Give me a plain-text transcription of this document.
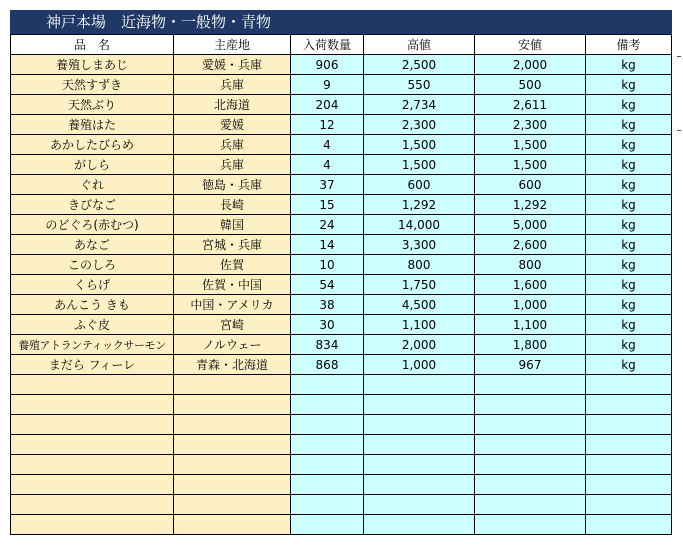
神戸本場　近海物・一般物・青物
品　名	主産地	入荷数量	高値	安値	備考
養殖しまあじ	愛媛・兵庫	906	2,500	2,000	kg
天然すずき	兵庫	9	550	500	kg
天然ぶり	北海道	204	2,734	2,611	kg
養殖はた	愛媛	12	2,300	2,300	kg
あかしたびらめ	兵庫	4	1,500	1,500	kg
がしら	兵庫	4	1,500	1,500	kg
ぐれ	徳島・兵庫	37	600	600	kg
きびなご	長崎	15	1,292	1,292	kg
のどぐろ(赤むつ)	韓国	24	14,000	5,000	kg
あなご	宮城・兵庫	14	3,300	2,600	kg
このしろ	佐賀	10	800	800	kg
くらげ	佐賀・中国	54	1,750	1,600	kg
あんこう きも	中国・アメリカ	38	4,500	1,000	kg
ふぐ皮	宮崎	30	1,100	1,100	kg
養殖アトランティックサーモン	ノルウェー	834	2,000	1,800	kg
まだら フィーレ	青森・北海道	868	1,000	967	kg
